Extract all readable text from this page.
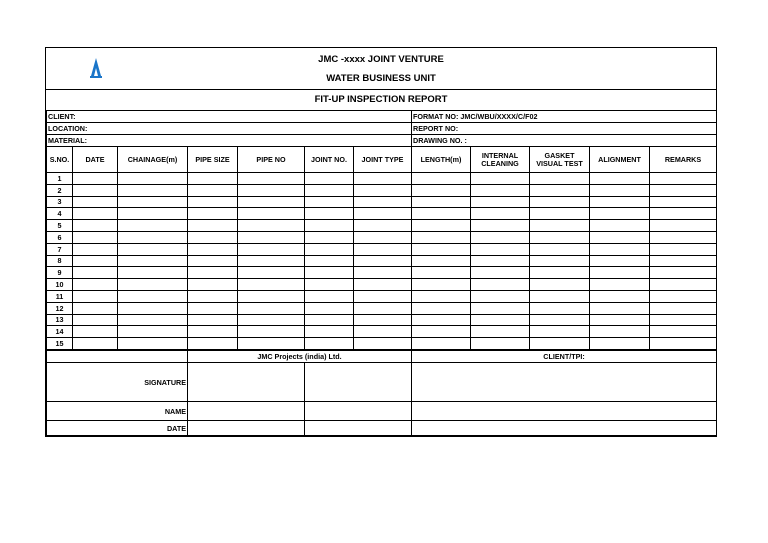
JMC -xxxx JOINT VENTURE
WATER BUSINESS UNIT
FIT-UP INSPECTION REPORT
CLIENT:	FORMAT NO: JMC/WBU/XXXX/C/F02
LOCATION:	REPORT NO:
MATERIAL:	DRAWING NO. :
S.NO.	DATE	CHAINAGE(m)	PIPE SIZE	PIPE NO	JOINT NO.	JOINT TYPE	LENGTH(m)	INTERNAL CLEANING	GASKET VISUAL TEST	ALIGNMENT	REMARKS
1											
2											
3											
4											
5											
6											
7											
8											
9											
10											
11											
12											
13											
14											
15											
	JMC Projects (india) Ltd.		CLIENT/TPI:
SIGNATURE			
NAME			
DATE			
